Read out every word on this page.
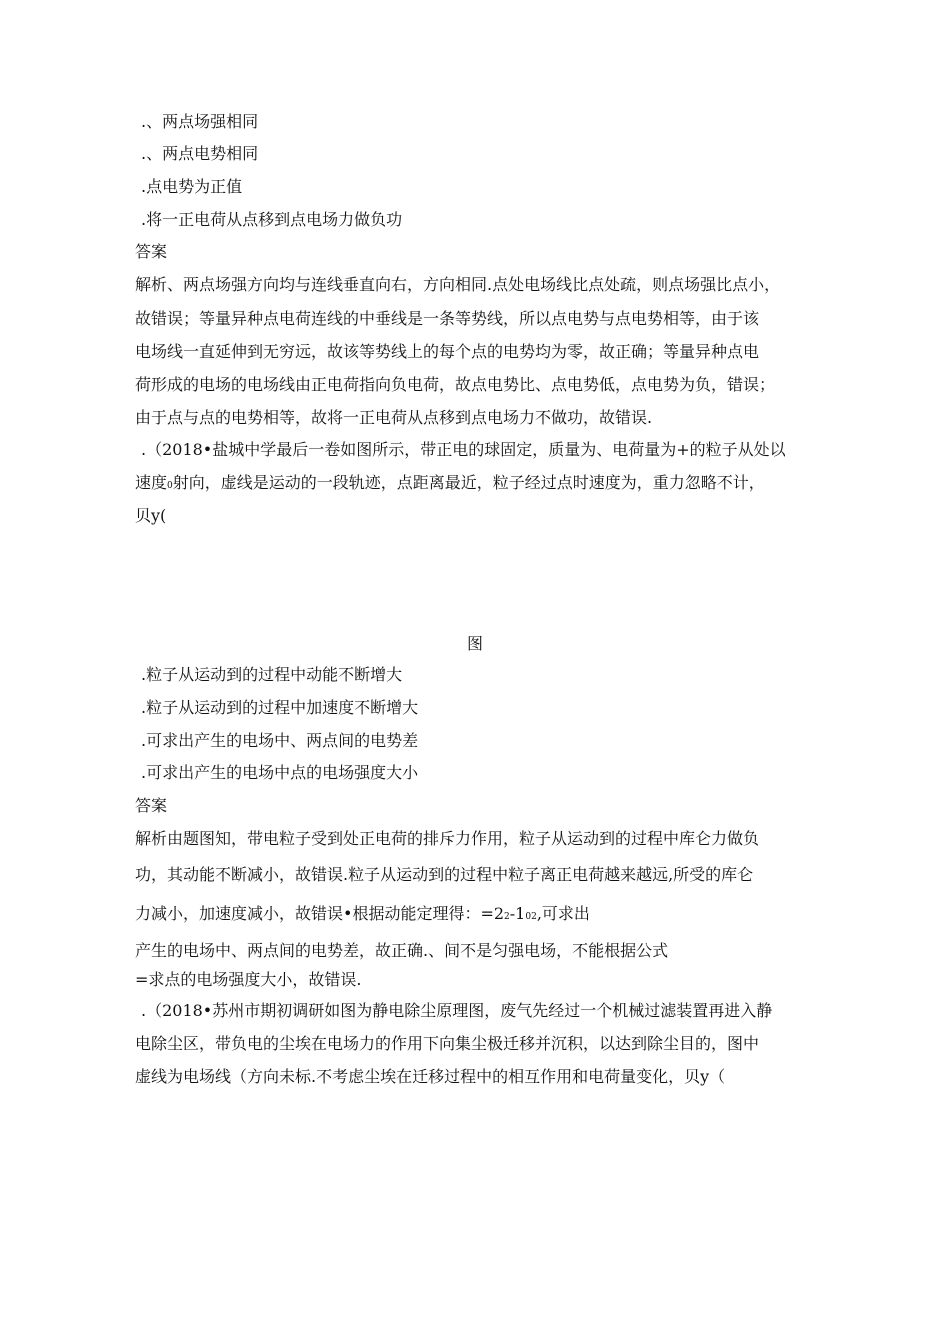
.、两点场强相同
.、两点电势相同
.点电势为正值
.将一正电荷从点移到点电场力做负功
答案
解析、两点场强方向均与连线垂直向右，方向相同.点处电场线比点处疏，则点场强比点小，
故错误；等量异种点电荷连线的中垂线是一条等势线，所以点电势与点电势相等，由于该
电场线一直延伸到无穷远，故该等势线上的每个点的电势均为零，故正确；等量异种点电
荷形成的电场的电场线由正电荷指向负电荷，故点电势比、点电势低，点电势为负，错误；
由于点与点的电势相等，故将一正电荷从点移到点电场力不做功，故错误.
.（2018•盐城中学最后一卷如图所示，带正电的球固定，质量为、电荷量为+的粒子从处以
速度0射向，虚线是运动的一段轨迹，点距离最近，粒子经过点时速度为，重力忽略不计，
贝y(
图
.粒子从运动到的过程中动能不断增大
.粒子从运动到的过程中加速度不断增大
.可求出产生的电场中、两点间的电势差
.可求出产生的电场中点的电场强度大小
答案
解析由题图知，带电粒子受到处正电荷的排斥力作用，粒子从运动到的过程中库仑力做负
功，其动能不断减小，故错误.粒子从运动到的过程中粒子离正电荷越来越远,所受的库仑
力减小，加速度减小，故错误•根据动能定理得：=22-102,可求出
产生的电场中、两点间的电势差，故正确.、间不是匀强电场，不能根据公式
=求点的电场强度大小，故错误.
.（2018•苏州市期初调研如图为静电除尘原理图，废气先经过一个机械过滤装置再进入静
电除尘区，带负电的尘埃在电场力的作用下向集尘极迁移并沉积，以达到除尘目的，图中
虚线为电场线（方向未标.不考虑尘埃在迁移过程中的相互作用和电荷量变化，贝y（
